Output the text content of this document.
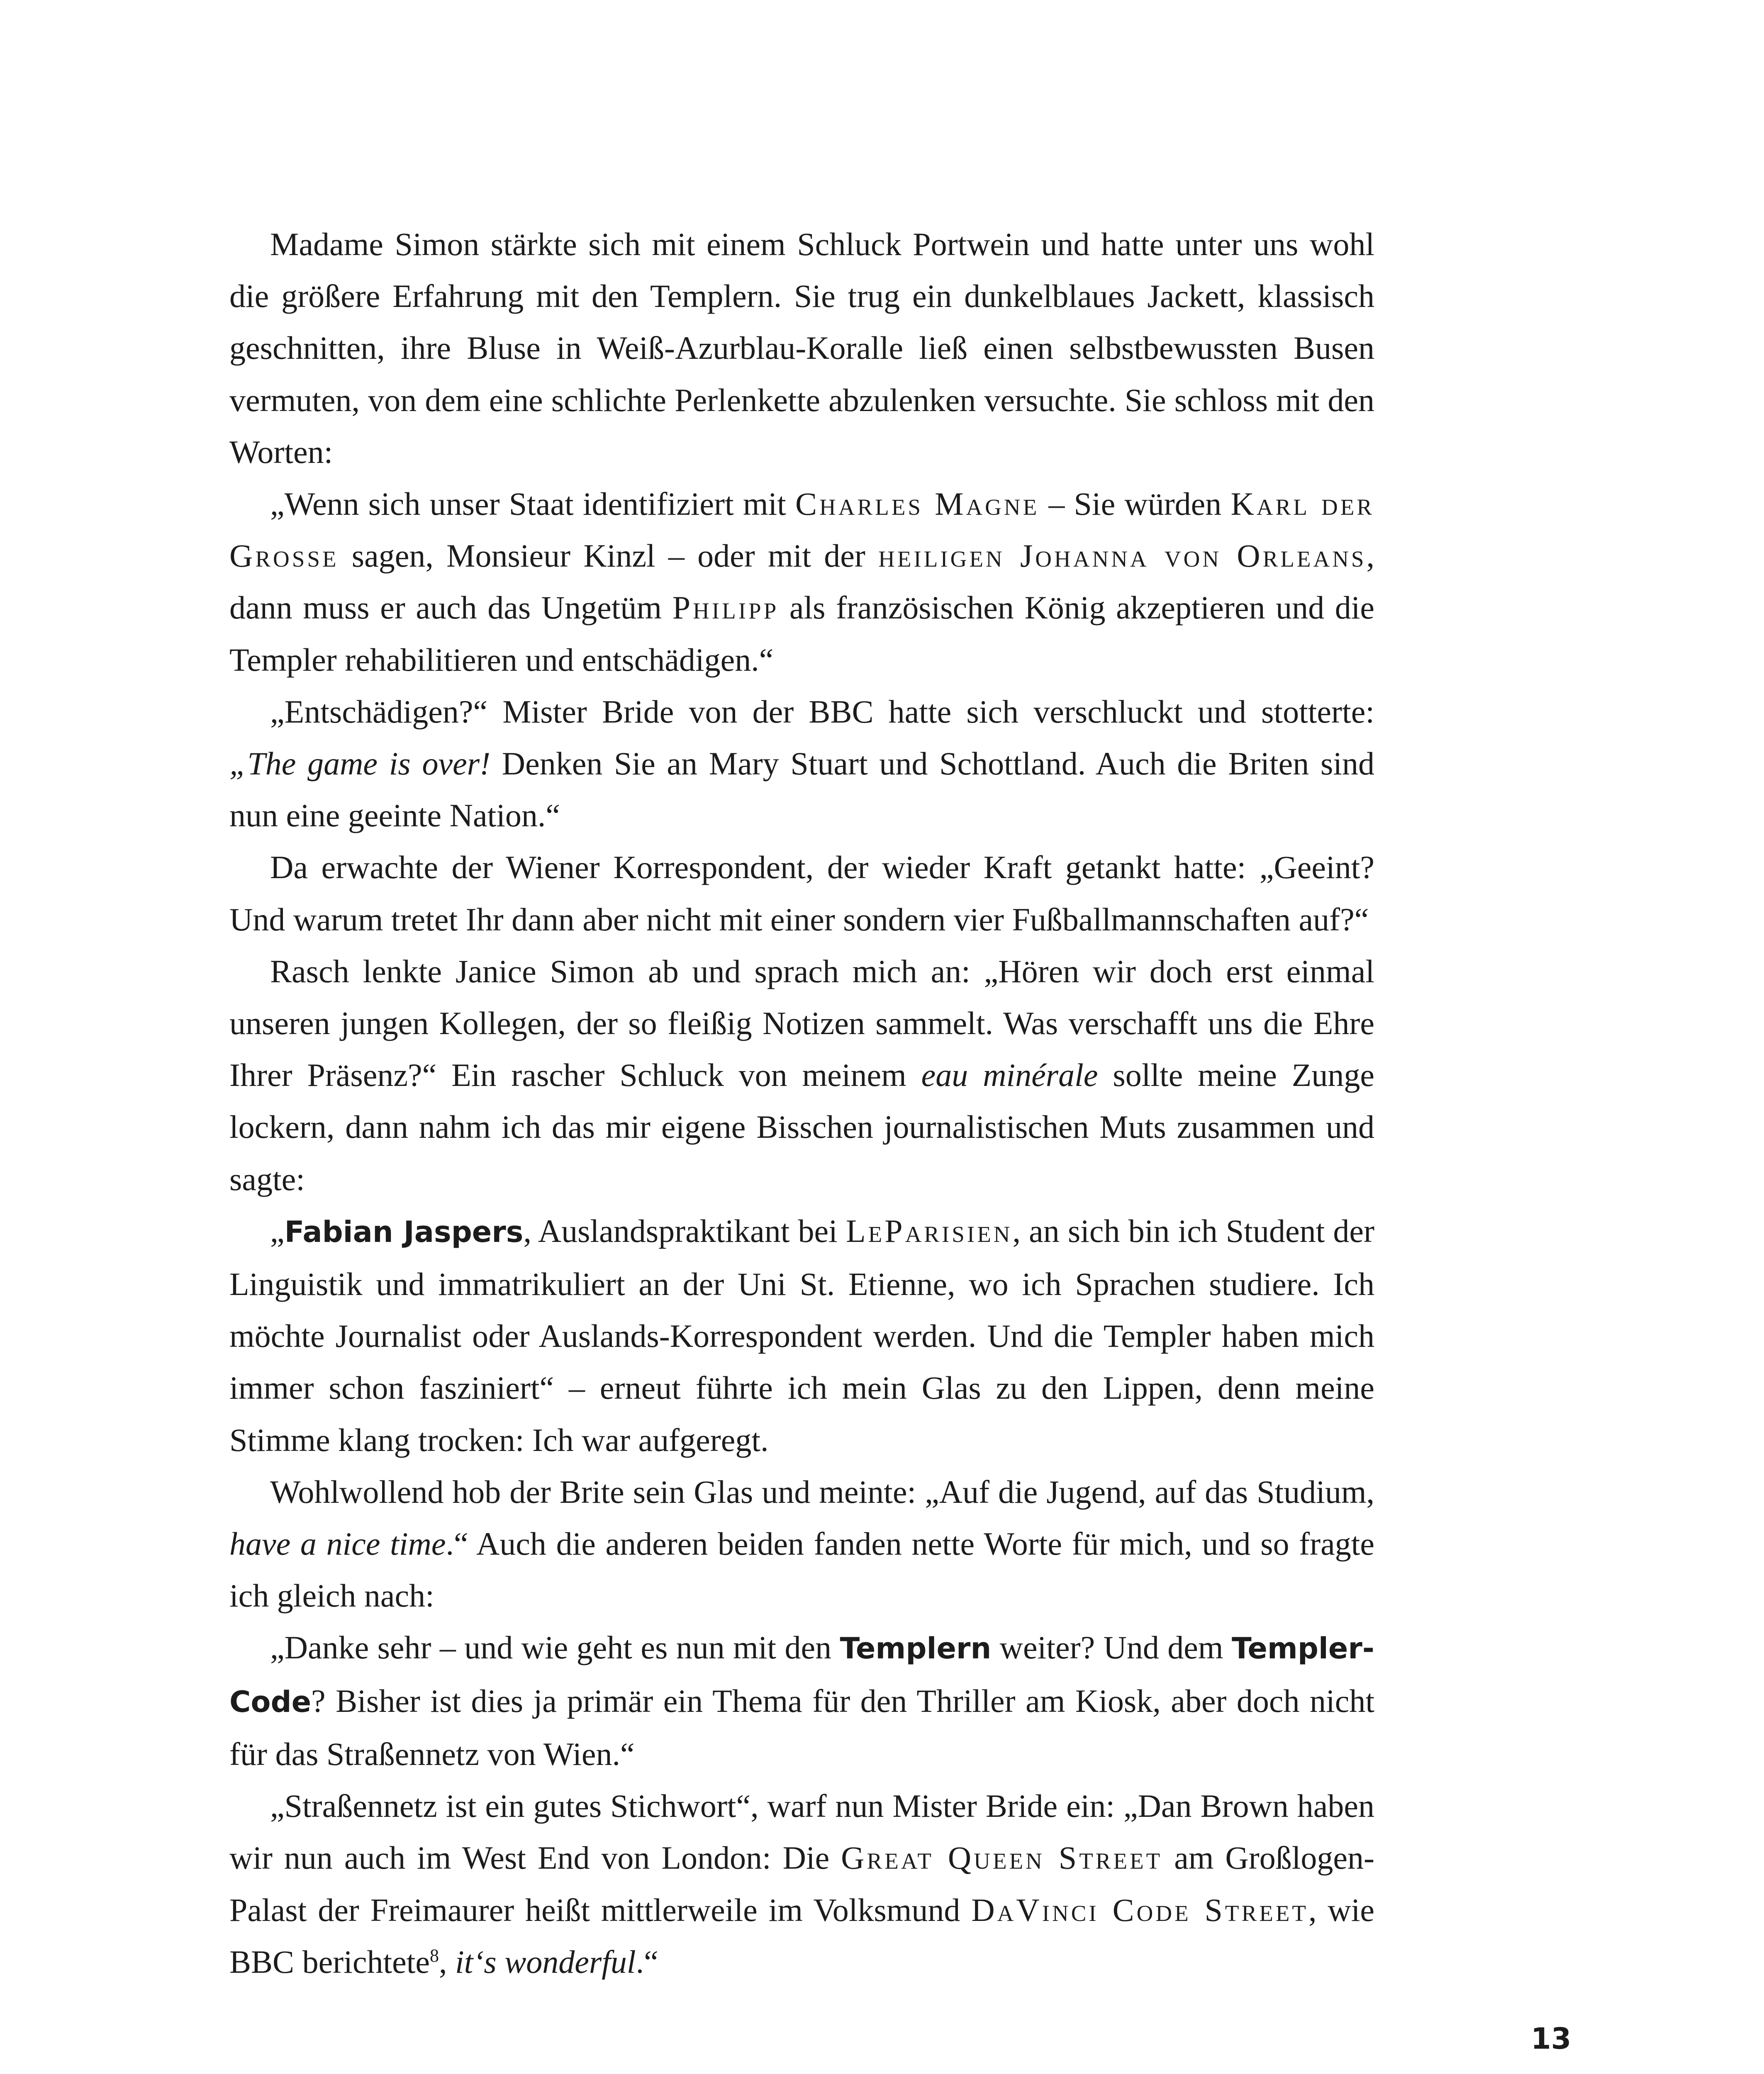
Madame Simon stärkte sich mit einem Schluck Portwein und hatte unter uns wohl die größere Erfahrung mit den Templern. Sie trug ein dunkelblaues Jackett, klassisch geschnitten, ihre Bluse in Weiß-Azurblau-Koralle ließ einen selbstbewussten Busen vermuten, von dem eine schlichte Perlenkette abzulenken versuchte. Sie schloss mit den Worten:

„Wenn sich unser Staat identifiziert mit Charles Magne – Sie würden Karl der Grosse sagen, Monsieur Kinzl – oder mit der heiligen Johanna von Orleans, dann muss er auch das Ungetüm Philipp als französischen König akzeptieren und die Templer rehabilitieren und entschädigen.“

„Entschädigen?“ Mister Bride von der BBC hatte sich verschluckt und stotterte: „The game is over! Denken Sie an Mary Stuart und Schottland. Auch die Briten sind nun eine geeinte Nation.“

Da erwachte der Wiener Korrespondent, der wieder Kraft getankt hatte: „Geeint? Und warum tretet Ihr dann aber nicht mit einer sondern vier Fußballmannschaften auf?“

Rasch lenkte Janice Simon ab und sprach mich an: „Hören wir doch erst einmal unseren jungen Kollegen, der so fleißig Notizen sammelt. Was verschafft uns die Ehre Ihrer Präsenz?“ Ein rascher Schluck von meinem eau minérale sollte meine Zunge lockern, dann nahm ich das mir eigene Bisschen journalistischen Muts zusammen und sagte:

„Fabian Jaspers, Auslandspraktikant bei LeParisien, an sich bin ich Student der Linguistik und immatrikuliert an der Uni St. Etienne, wo ich Sprachen studiere. Ich möchte Journalist oder Auslands-Korrespondent werden. Und die Templer haben mich immer schon fasziniert“ – erneut führte ich mein Glas zu den Lippen, denn meine Stimme klang trocken: Ich war aufgeregt.

Wohlwollend hob der Brite sein Glas und meinte: „Auf die Jugend, auf das Studium, have a nice time.“ Auch die anderen beiden fanden nette Worte für mich, und so fragte ich gleich nach:

„Danke sehr – und wie geht es nun mit den Templern weiter? Und dem Templer-Code? Bisher ist dies ja primär ein Thema für den Thriller am Kiosk, aber doch nicht für das Straßennetz von Wien.“

„Straßennetz ist ein gutes Stichwort“, warf nun Mister Bride ein: „Dan Brown haben wir nun auch im West End von London: Die Great Queen Street am Großlogen-Palast der Freimaurer heißt mittlerweile im Volksmund DaVinci Code Street, wie BBC berichtete$^8$, it‘s wonderful.“

13
